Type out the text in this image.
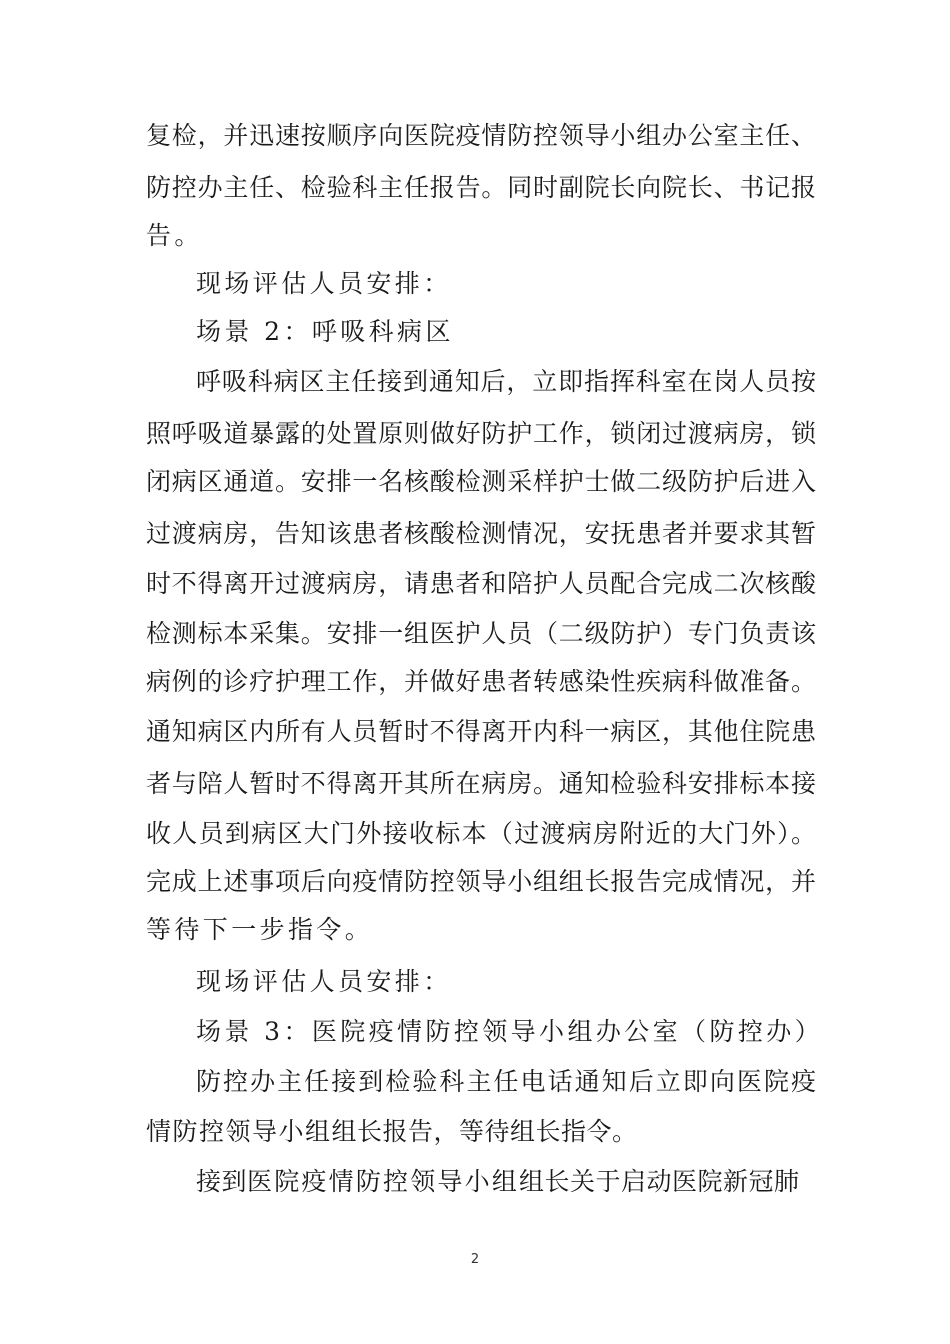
复检，并迅速按顺序向医院疫情防控领导小组办公室主任、
防控办主任、检验科主任报告。同时副院长向院长、书记报
告。
现场评估人员安排：
场景 2：呼吸科病区
呼吸科病区主任接到通知后，立即指挥科室在岗人员按
照呼吸道暴露的处置原则做好防护工作，锁闭过渡病房，锁
闭病区通道。安排一名核酸检测采样护士做二级防护后进入
过渡病房，告知该患者核酸检测情况，安抚患者并要求其暂
时不得离开过渡病房，请患者和陪护人员配合完成二次核酸
检测标本采集。安排一组医护人员（二级防护）专门负责该
病例的诊疗护理工作，并做好患者转感染性疾病科做准备。
通知病区内所有人员暂时不得离开内科一病区，其他住院患
者与陪人暂时不得离开其所在病房。通知检验科安排标本接
收人员到病区大门外接收标本（过渡病房附近的大门外）。
完成上述事项后向疫情防控领导小组组长报告完成情况，并
等待下一步指令。
现场评估人员安排：
场景 3：医院疫情防控领导小组办公室（防控办）
防控办主任接到检验科主任电话通知后立即向医院疫
情防控领导小组组长报告，等待组长指令。
接到医院疫情防控领导小组组长关于启动医院新冠肺
2
